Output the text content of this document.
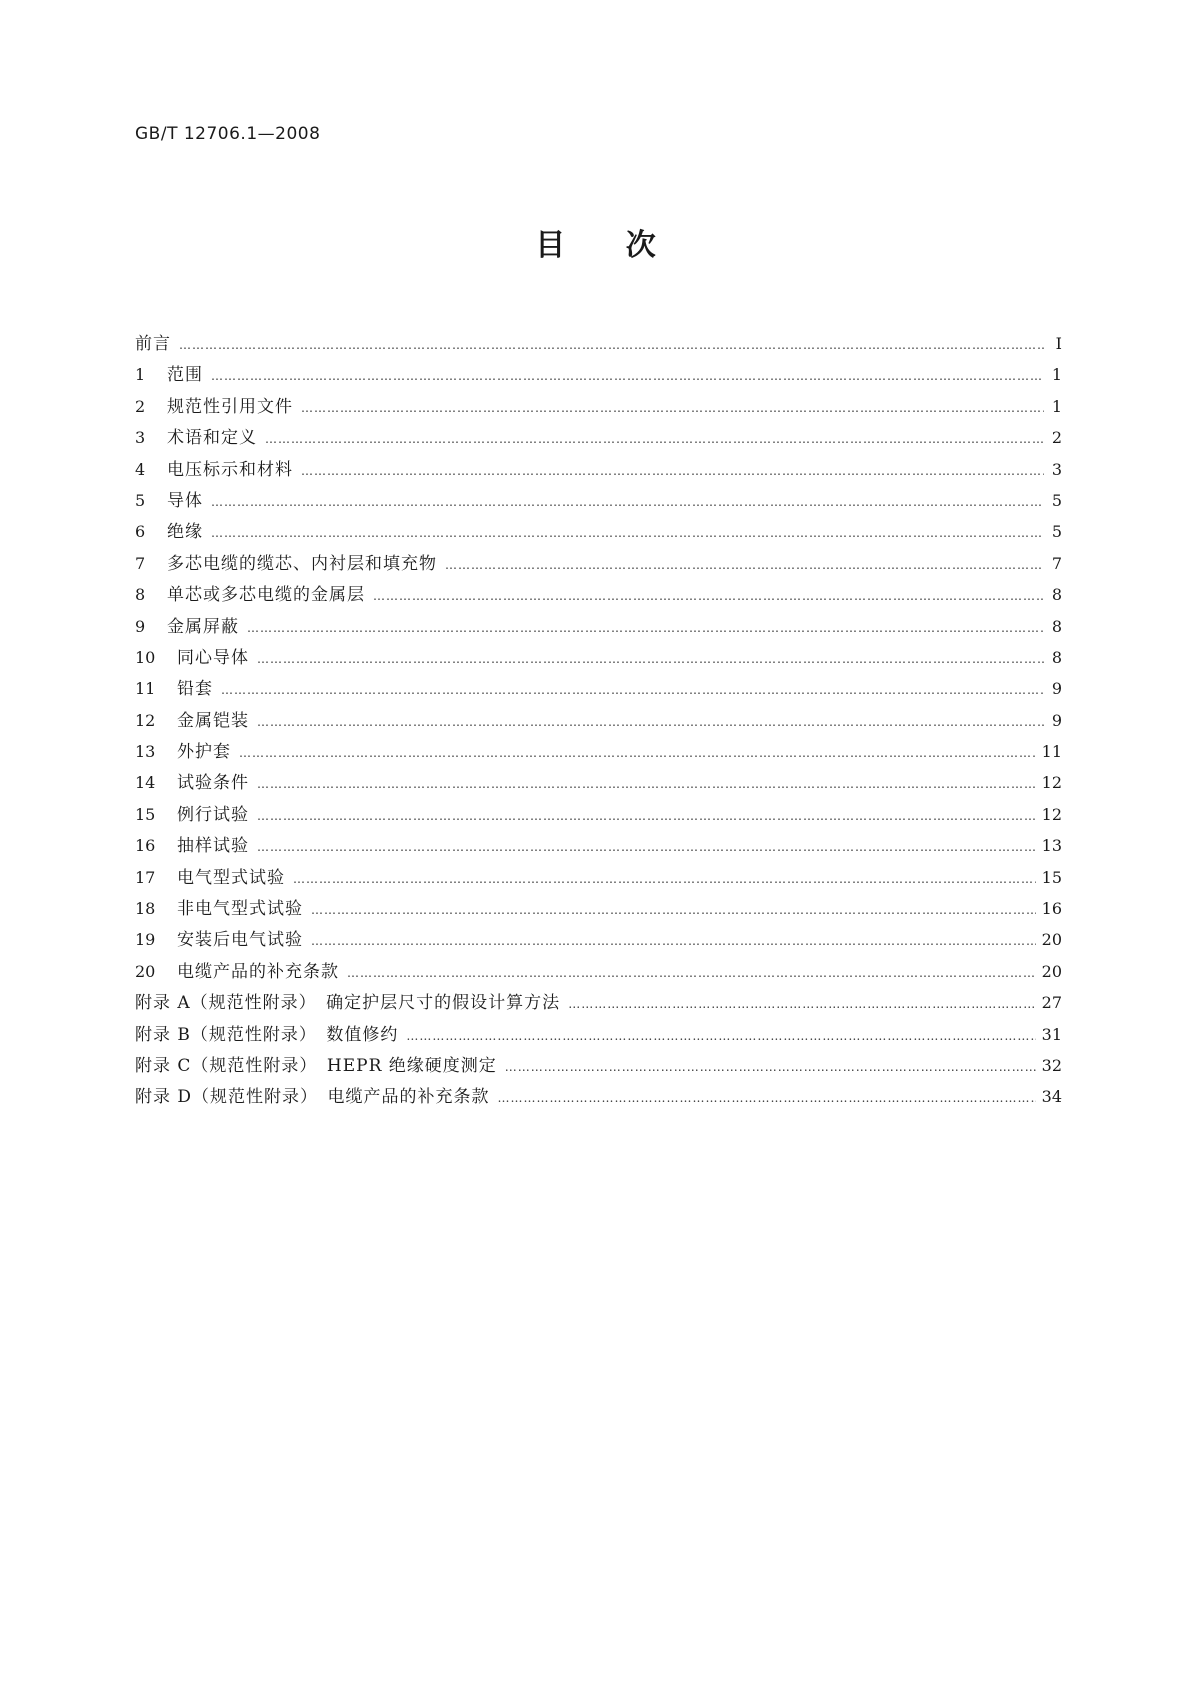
GB/T 12706.1—2008
目 次
前言 ……………………………………………………………………………………………………………………………………………………………………………………………………………………………	Ⅰ
1	范围 ……………………………………………………………………………………………………………………………………………………………………………………………………………………………	1
2	规范性引用文件 ……………………………………………………………………………………………………………………………………………………………………………………………………………………………	1
3	术语和定义 ……………………………………………………………………………………………………………………………………………………………………………………………………………………………	2
4	电压标示和材料 ……………………………………………………………………………………………………………………………………………………………………………………………………………………………	3
5	导体 ……………………………………………………………………………………………………………………………………………………………………………………………………………………………	5
6	绝缘 ……………………………………………………………………………………………………………………………………………………………………………………………………………………………	5
7	多芯电缆的缆芯、内衬层和填充物 ……………………………………………………………………………………………………………………………………………………………………………………………………………………………	7
8	单芯或多芯电缆的金属层 ……………………………………………………………………………………………………………………………………………………………………………………………………………………………	8
9	金属屏蔽 ……………………………………………………………………………………………………………………………………………………………………………………………………………………………	8
10	同心导体 ……………………………………………………………………………………………………………………………………………………………………………………………………………………………	8
11	铅套 ……………………………………………………………………………………………………………………………………………………………………………………………………………………………	9
12	金属铠装 ……………………………………………………………………………………………………………………………………………………………………………………………………………………………	9
13	外护套 ……………………………………………………………………………………………………………………………………………………………………………………………………………………………	11
14	试验条件 ……………………………………………………………………………………………………………………………………………………………………………………………………………………………	12
15	例行试验 ……………………………………………………………………………………………………………………………………………………………………………………………………………………………	12
16	抽样试验 ……………………………………………………………………………………………………………………………………………………………………………………………………………………………	13
17	电气型式试验 ……………………………………………………………………………………………………………………………………………………………………………………………………………………………	15
18	非电气型式试验 ……………………………………………………………………………………………………………………………………………………………………………………………………………………………	16
19	安装后电气试验 ……………………………………………………………………………………………………………………………………………………………………………………………………………………………	20
20	电缆产品的补充条款 ……………………………………………………………………………………………………………………………………………………………………………………………………………………………	20
附录 A（规范性附录）　确定护层尺寸的假设计算方法 ……………………………………………………………………………………………………………………………………………………………………………………………………………………………	27
附录 B（规范性附录）　数值修约 ……………………………………………………………………………………………………………………………………………………………………………………………………………………………	31
附录 C（规范性附录）　HEPR 绝缘硬度测定 ……………………………………………………………………………………………………………………………………………………………………………………………………………………………	32
附录 D（规范性附录）　电缆产品的补充条款 ……………………………………………………………………………………………………………………………………………………………………………………………………………………………	34
